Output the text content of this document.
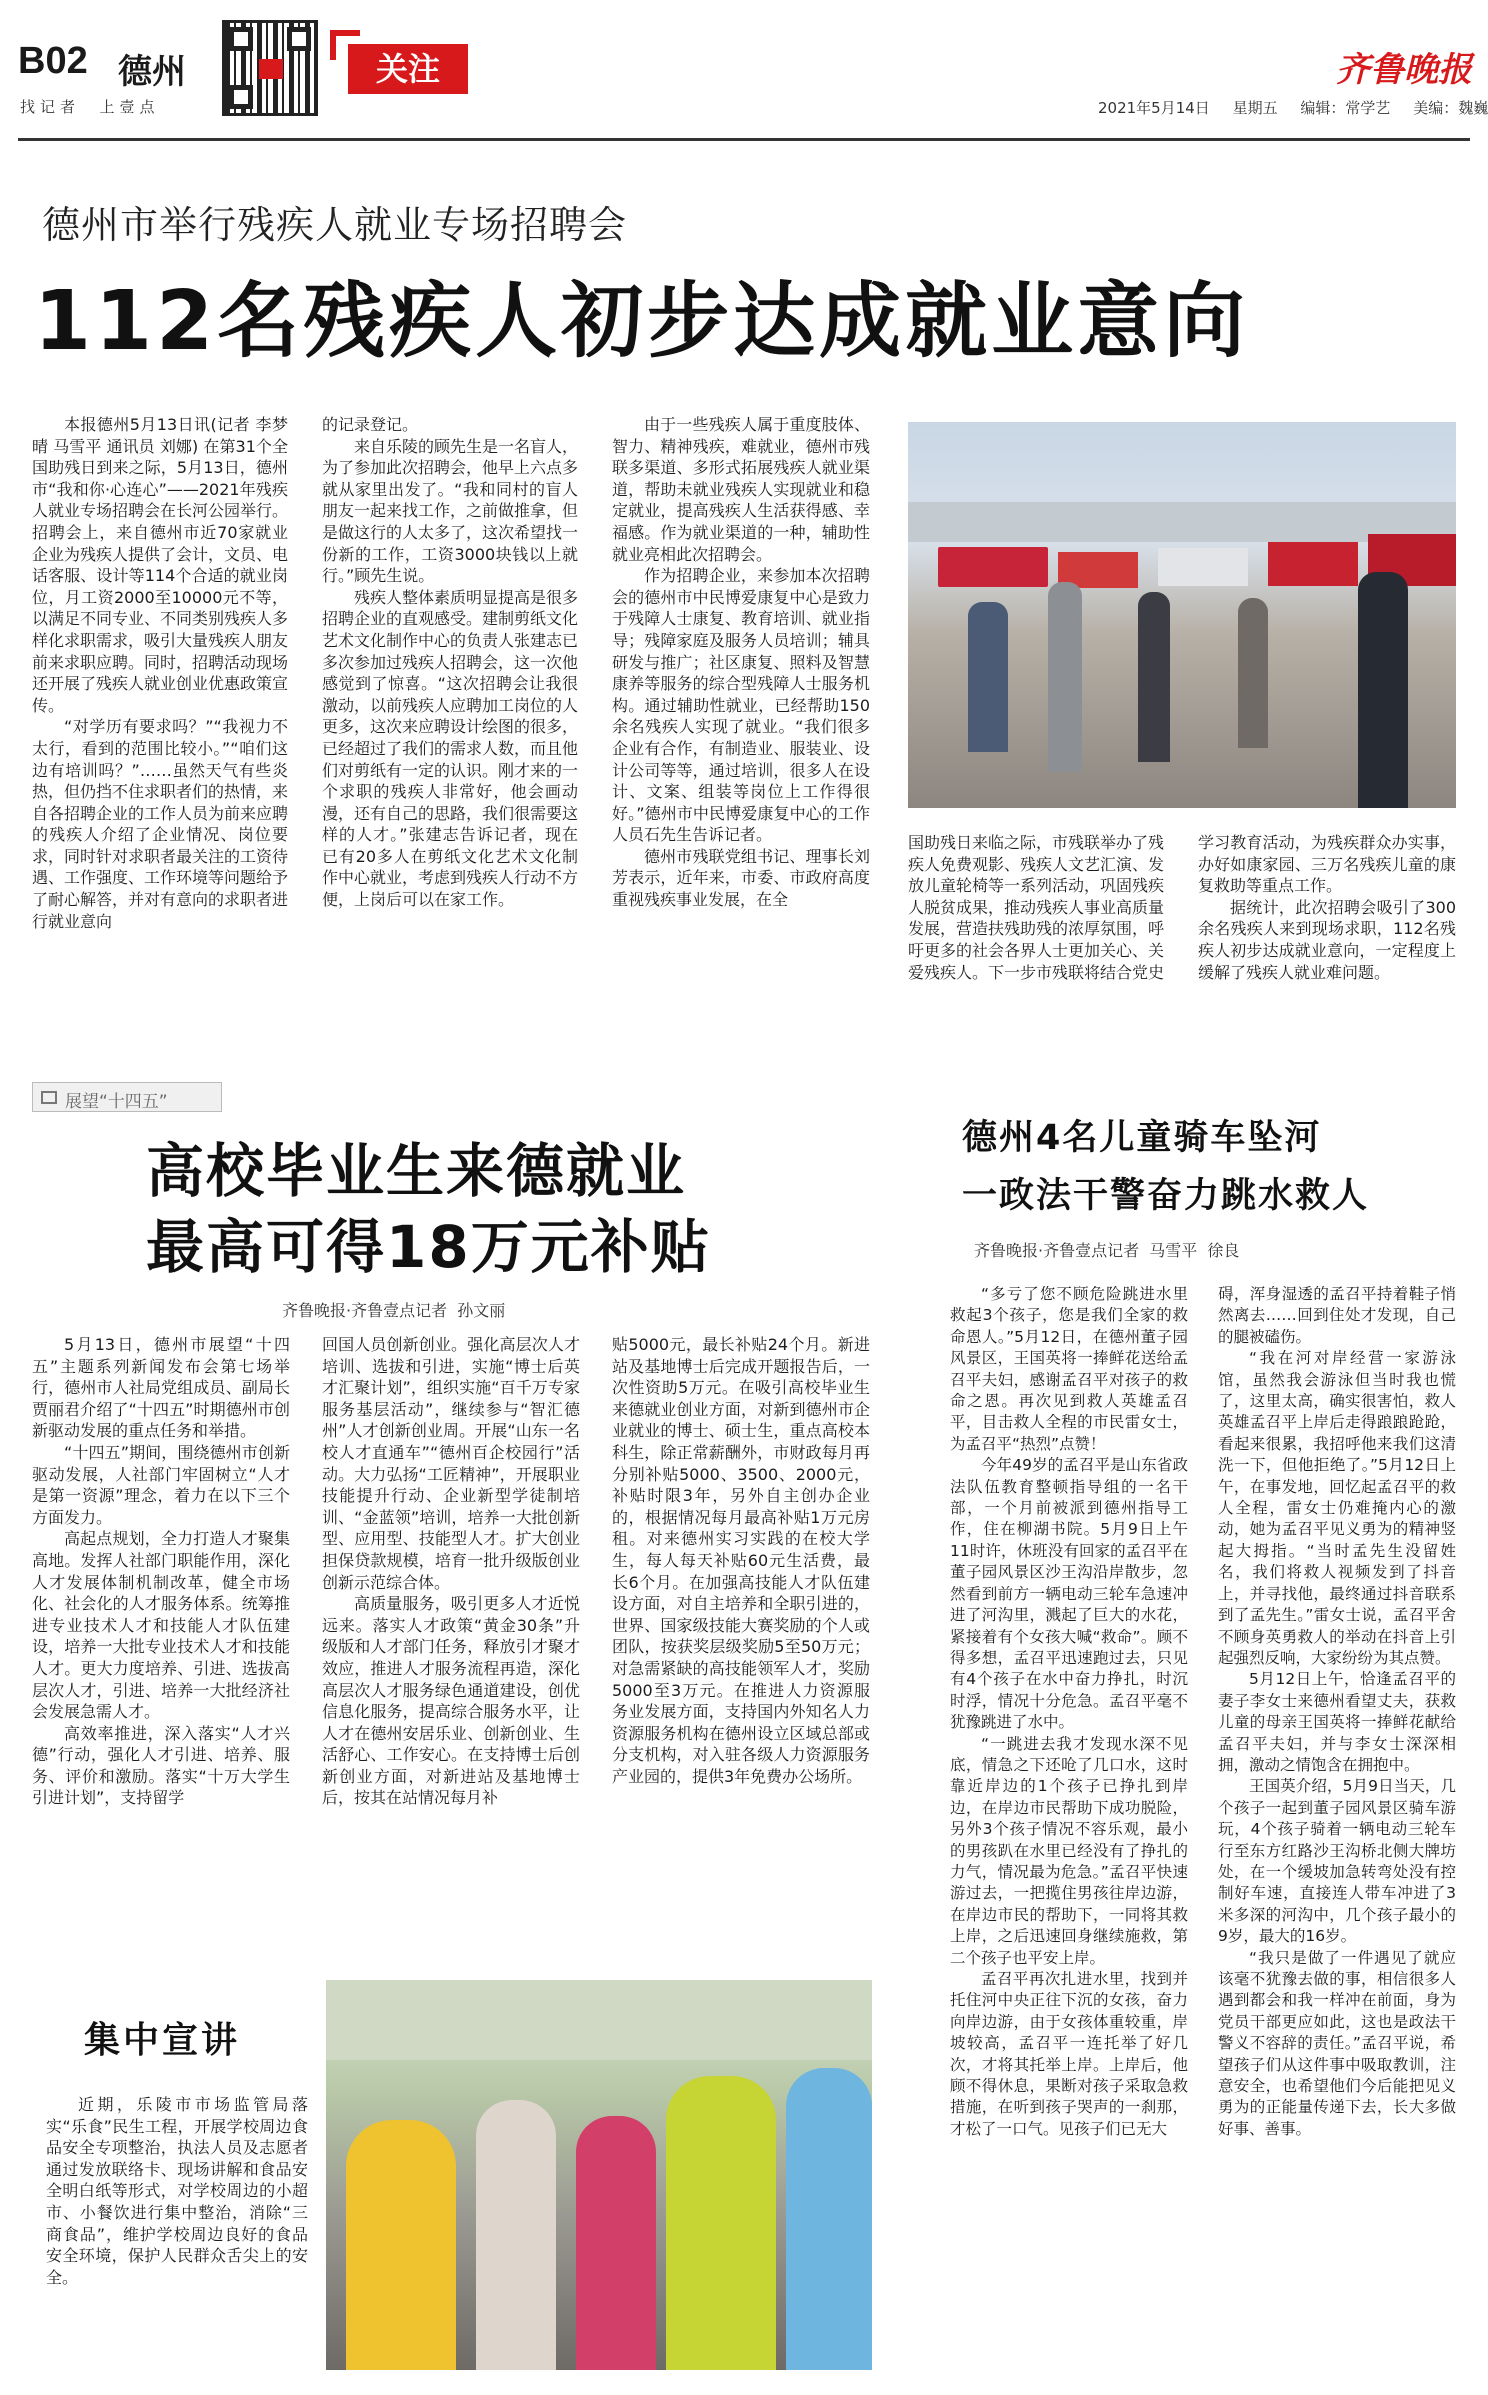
B02 德州
找记者  上壹点
关注	齐鲁晚报
2021年5月14日 星期五 编辑：常学艺 美编：魏巍
德州市举行残疾人就业专场招聘会
112名残疾人初步达成就业意向

本报德州5月13日讯(记者 李梦晴 马雪平 通讯员 刘娜) 在第31个全国助残日到来之际，5月13日，德州市“我和你·心连心”——2021年残疾人就业专场招聘会在长河公园举行。招聘会上，来自德州市近70家就业企业为残疾人提供了会计，文员、电话客服、设计等114个合适的就业岗位，月工资2000至10000元不等，以满足不同专业、不同类别残疾人多样化求职需求，吸引大量残疾人朋友前来求职应聘。同时，招聘活动现场还开展了残疾人就业创业优惠政策宣传。

“对学历有要求吗？”“我视力不太行，看到的范围比较小。”“咱们这边有培训吗？”……虽然天气有些炎热，但仍挡不住求职者们的热情，来自各招聘企业的工作人员为前来应聘的残疾人介绍了企业情况、岗位要求，同时针对求职者最关注的工资待遇、工作强度、工作环境等问题给予了耐心解答，并对有意向的求职者进行就业意向

的记录登记。

来自乐陵的顾先生是一名盲人，为了参加此次招聘会，他早上六点多就从家里出发了。“我和同村的盲人朋友一起来找工作，之前做推拿，但是做这行的人太多了，这次希望找一份新的工作，工资3000块钱以上就行。”顾先生说。

残疾人整体素质明显提高是很多招聘企业的直观感受。建制剪纸文化艺术文化制作中心的负责人张建志已多次参加过残疾人招聘会，这一次他感觉到了惊喜。“这次招聘会让我很激动，以前残疾人应聘加工岗位的人更多，这次来应聘设计绘图的很多，已经超过了我们的需求人数，而且他们对剪纸有一定的认识。刚才来的一个求职的残疾人非常好，他会画动漫，还有自己的思路，我们很需要这样的人才。”张建志告诉记者，现在已有20多人在剪纸文化艺术文化制作中心就业，考虑到残疾人行动不方便，上岗后可以在家工作。

由于一些残疾人属于重度肢体、智力、精神残疾，难就业，德州市残联多渠道、多形式拓展残疾人就业渠道，帮助未就业残疾人实现就业和稳定就业，提高残疾人生活获得感、幸福感。作为就业渠道的一种，辅助性就业亮相此次招聘会。

作为招聘企业，来参加本次招聘会的德州市中民博爱康复中心是致力于残障人士康复、教育培训、就业指导；残障家庭及服务人员培训；辅具研发与推广；社区康复、照料及智慧康养等服务的综合型残障人士服务机构。通过辅助性就业，已经帮助150余名残疾人实现了就业。“我们很多企业有合作，有制造业、服装业、设计公司等等，通过培训，很多人在设计、文案、组装等岗位上工作得很好。”德州市中民博爱康复中心的工作人员石先生告诉记者。

德州市残联党组书记、理事长刘芳表示，近年来，市委、市政府高度重视残疾事业发展，在全

国助残日来临之际，市残联举办了残疾人免费观影、残疾人文艺汇演、发放儿童轮椅等一系列活动，巩固残疾人脱贫成果，推动残疾人事业高质量发展，营造扶残助残的浓厚氛围，呼吁更多的社会各界人士更加关心、关爱残疾人。下一步市残联将结合党史

学习教育活动，为残疾群众办实事，办好如康家园、三万名残疾儿童的康复救助等重点工作。

据统计，此次招聘会吸引了300余名残疾人来到现场求职，112名残疾人初步达成就业意向，一定程度上缓解了残疾人就业难问题。

展望“十四五”
高校毕业生来德就业
最高可得18万元补贴
齐鲁晚报·齐鲁壹点记者  孙文丽

5月13日，德州市展望“十四五”主题系列新闻发布会第七场举行，德州市人社局党组成员、副局长贾丽君介绍了“十四五”时期德州市创新驱动发展的重点任务和举措。

“十四五”期间，围绕德州市创新驱动发展，人社部门牢固树立“人才是第一资源”理念，着力在以下三个方面发力。

高起点规划，全力打造人才聚集高地。发挥人社部门职能作用，深化人才发展体制机制改革，健全市场化、社会化的人才服务体系。统筹推进专业技术人才和技能人才队伍建设，培养一大批专业技术人才和技能人才。更大力度培养、引进、选拔高层次人才，引进、培养一大批经济社会发展急需人才。

高效率推进，深入落实“人才兴德”行动，强化人才引进、培养、服务、评价和激励。落实“十万大学生引进计划”，支持留学

回国人员创新创业。强化高层次人才培训、选拔和引进，实施“博士后英才汇聚计划”，组织实施“百千万专家服务基层活动”，继续参与“智汇德州”人才创新创业周。开展“山东一名校人才直通车”“德州百企校园行”活动。大力弘扬“工匠精神”，开展职业技能提升行动、企业新型学徒制培训、“金蓝领”培训，培养一大批创新型、应用型、技能型人才。扩大创业担保贷款规模，培育一批升级版创业创新示范综合体。

高质量服务，吸引更多人才近悦远来。落实人才政策“黄金30条”升级版和人才部门任务，释放引才聚才效应，推进人才服务流程再造，深化高层次人才服务绿色通道建设，创优信息化服务，提高综合服务水平，让人才在德州安居乐业、创新创业、生活舒心、工作安心。在支持博士后创新创业方面，对新进站及基地博士后，按其在站情况每月补

贴5000元，最长补贴24个月。新进站及基地博士后完成开题报告后，一次性资助5万元。在吸引高校毕业生来德就业创业方面，对新到德州市企业就业的博士、硕士生，重点高校本科生，除正常薪酬外，市财政每月再分别补贴5000、3500、2000元，补贴时限3年，另外自主创办企业的，根据情况每月最高补贴1万元房租。对来德州实习实践的在校大学生，每人每天补贴60元生活费，最长6个月。在加强高技能人才队伍建设方面，对自主培养和全职引进的，世界、国家级技能大赛奖励的个人或团队，按获奖层级奖励5至50万元；对急需紧缺的高技能领军人才，奖励5000至3万元。在推进人力资源服务业发展方面，支持国内外知名人力资源服务机构在德州设立区域总部或分支机构，对入驻各级人力资源服务产业园的，提供3年免费办公场所。

集中宣讲

近期，乐陵市市场监管局落实“乐食”民生工程，开展学校周边食品安全专项整治，执法人员及志愿者通过发放联络卡、现场讲解和食品安全明白纸等形式，对学校周边的小超市、小餐饮进行集中整治，消除“三商食品”，维护学校周边良好的食品安全环境，保护人民群众舌尖上的安全。

德州4名儿童骑车坠河
一政法干警奋力跳水救人
齐鲁晚报·齐鲁壹点记者  马雪平  徐良

“多亏了您不顾危险跳进水里救起3个孩子，您是我们全家的救命恩人。”5月12日，在德州董子园风景区，王国英将一捧鲜花送给孟召平夫妇，感谢孟召平对孩子的救命之恩。再次见到救人英雄孟召平，目击救人全程的市民雷女士，为孟召平“热烈”点赞！

今年49岁的孟召平是山东省政法队伍教育整顿指导组的一名干部，一个月前被派到德州指导工作，住在柳湖书院。5月9日上午11时许，休班没有回家的孟召平在董子园风景区沙王沟沿岸散步，忽然看到前方一辆电动三轮车急速冲进了河沟里，溅起了巨大的水花，紧接着有个女孩大喊“救命”。顾不得多想，孟召平迅速跑过去，只见有4个孩子在水中奋力挣扎，时沉时浮，情况十分危急。孟召平毫不犹豫跳进了水中。

“一跳进去我才发现水深不见底，情急之下还呛了几口水，这时靠近岸边的1个孩子已挣扎到岸边，在岸边市民帮助下成功脱险，另外3个孩子情况不容乐观，最小的男孩趴在水里已经没有了挣扎的力气，情况最为危急。”孟召平快速游过去，一把揽住男孩往岸边游，在岸边市民的帮助下，一同将其救上岸，之后迅速回身继续施救，第二个孩子也平安上岸。

孟召平再次扎进水里，找到并托住河中央正往下沉的女孩，奋力向岸边游，由于女孩体重较重，岸坡较高，孟召平一连托举了好几次，才将其托举上岸。上岸后，他顾不得休息，果断对孩子采取急救措施，在听到孩子哭声的一刹那，才松了一口气。见孩子们已无大

碍，浑身湿透的孟召平持着鞋子悄然离去……回到住处才发现，自己的腿被磕伤。

“我在河对岸经营一家游泳馆，虽然我会游泳但当时我也慌了，这里太高，确实很害怕，救人英雄孟召平上岸后走得踉踉跄跄，看起来很累，我招呼他来我们这清洗一下，但他拒绝了。”5月12日上午，在事发地，回忆起孟召平的救人全程，雷女士仍难掩内心的激动，她为孟召平见义勇为的精神竖起大拇指。“当时孟先生没留姓名，我们将救人视频发到了抖音上，并寻找他，最终通过抖音联系到了孟先生。”雷女士说，孟召平舍不顾身英勇救人的举动在抖音上引起强烈反响，大家纷纷为其点赞。

5月12日上午，恰逢孟召平的妻子李女士来德州看望丈夫，获救儿童的母亲王国英将一捧鲜花献给孟召平夫妇，并与李女士深深相拥，激动之情饱含在拥抱中。

王国英介绍，5月9日当天，几个孩子一起到董子园风景区骑车游玩，4个孩子骑着一辆电动三轮车行至东方红路沙王沟桥北侧大牌坊处，在一个缓坡加急转弯处没有控制好车速，直接连人带车冲进了3米多深的河沟中，几个孩子最小的9岁，最大的16岁。

“我只是做了一件遇见了就应该毫不犹豫去做的事，相信很多人遇到都会和我一样冲在前面，身为党员干部更应如此，这也是政法干警义不容辞的责任。”孟召平说，希望孩子们从这件事中吸取教训，注意安全，也希望他们今后能把见义勇为的正能量传递下去，长大多做好事、善事。
